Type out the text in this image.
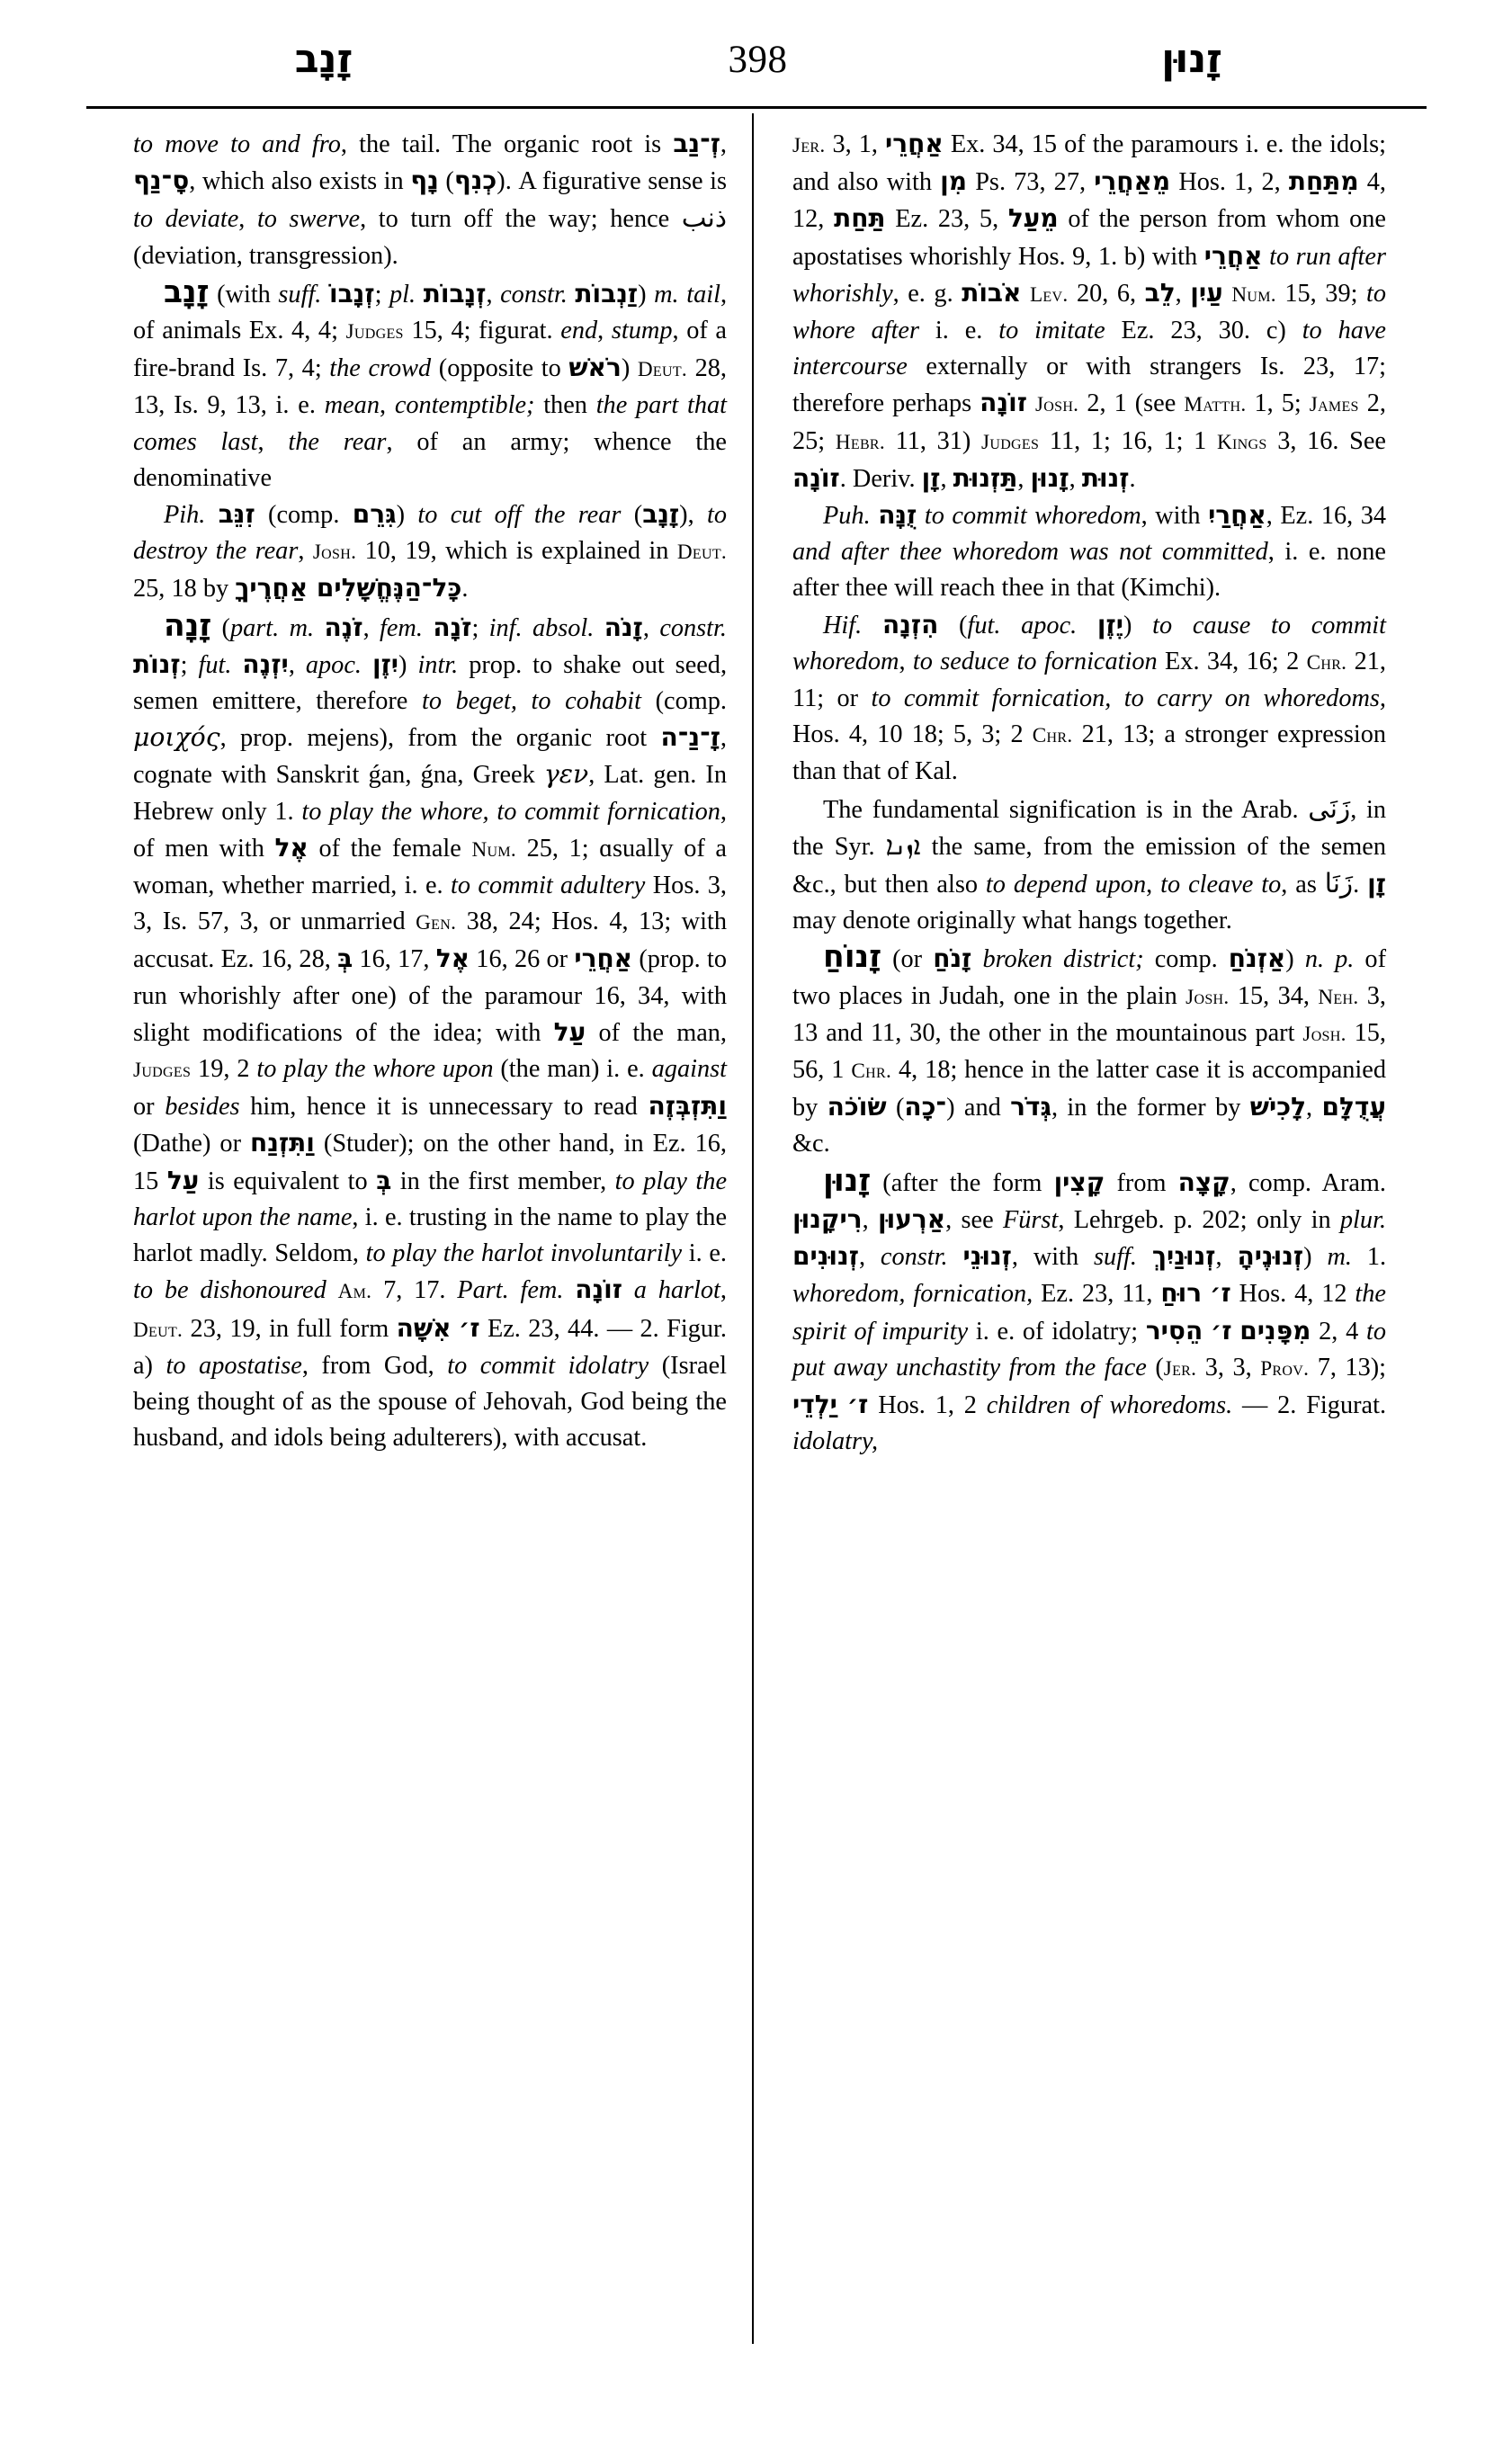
זָנָב	398	זָנוּן

to move to and fro, the tail. The organic root is זְ־נַב, סָ־נַף, which also exists in נָף (כְנִף). A figurative sense is to deviate, to swerve, to turn off the way; hence ذنب (deviation, transgression).

זָנָב (with suff. זְנָבוֹ; pl. זְנָבוֹת, constr. זַנְבוֹת) m. tail, of animals Ex. 4, 4; Judges 15, 4; figurat. end, stump, of a fire-brand Is. 7, 4; the crowd (opposite to רֹאשׁ) Deut. 28, 13, Is. 9, 13, i. e. mean, contemptible; then the part that comes last, the rear, of an army; whence the denominative

Pih. זִנֵּב (comp. גִּרֵם) to cut off the rear (זָנָב), to destroy the rear, Josh. 10, 19, which is explained in Deut. 25, 18 by כָּל־הַנֶּחֱשָׁלִים אַחֲרֶיךָ.

זָנָה (part. m. זֹנֶה, fem. זֹנָה; inf. absol. זָנֹה, constr. זְנוֹת; fut. יִזְנֶה, apoc. יִזֶן) intr. prop. to shake out seed, semen emittere, therefore to beget, to cohabit (comp. μοιχός, prop. mejens), from the organic root זָ־נַ־ה, cognate with Sanskrit ǵan, ǵna, Greek γεν, Lat. gen. In Hebrew only 1. to play the whore, to commit fornication, of men with אֶל of the female Num. 25, 1; ɑsually of a woman, whether married, i. e. to commit adultery Hos. 3, 3, Is. 57, 3, or unmarried Gen. 38, 24; Hos. 4, 13; with accusat. Ez. 16, 28, בְּ 16, 17, אֶל 16, 26 or אַחֲרֵי (prop. to run whorishly after one) of the paramour 16, 34, with slight modifications of the idea; with עַל of the man, Judges 19, 2 to play the whore upon (the man) i. e. against or besides him, hence it is unnecessary to read וַתִּזְבְּזֶה (Dathe) or וַתִּזְנַח (Studer); on the other hand, in Ez. 16, 15 עַל is equivalent to בְּ in the first member, to play the harlot upon the name, i. e. trusting in the name to play the harlot madly. Seldom, to play the harlot involuntarily i. e. to be dishonoured Am. 7, 17. Part. fem. זוֹנָה a harlot, Deut. 23, 19, in full form אִשָּׁה ז׳ Ez. 23, 44. — 2. Figur. a) to apostatise, from God, to commit idolatry (Israel being thought of as the spouse of Jehovah, God being the husband, and idols being adulterers), with accusat.

Jer. 3, 1, אַחֲרֵי Ex. 34, 15 of the paramours i. e. the idols; and also with מִן Ps. 73, 27, מֵאַחֲרֵי Hos. 1, 2, מִתַּחַת 4, 12, תַּחַת Ez. 23, 5, מֵעַל of the person from whom one apostatises whorishly Hos. 9, 1. b) with אַחֲרֵי to run after whorishly, e. g. אֹבוֹת Lev. 20, 6, לֵב, עַיִן Num. 15, 39; to whore after i. e. to imitate Ez. 23, 30. c) to have intercourse externally or with strangers Is. 23, 17; therefore perhaps זוֹנָה Josh. 2, 1 (see Matth. 1, 5; James 2, 25; Hebr. 11, 31) Judges 11, 1; 16, 1; 1 Kings 3, 16. See זוֹנָה. Deriv. זָן, תַּזְנוּת, זָנוּן, זְנוּת.

Puh. זֻנָּה to commit whoredom, with אַחֲרַיִ, Ez. 16, 34 and after thee whoredom was not committed, i. e. none after thee will reach thee in that (Kimchi).

Hif. הִזְנָה (fut. apoc. יֶזֶן) to cause to commit whoredom, to seduce to fornication Ex. 34, 16; 2 Chr. 21, 11; or to commit fornication, to carry on whoredoms, Hos. 4, 10 18; 5, 3; 2 Chr. 21, 13; a stronger expression than that of Kal.

The fundamental signification is in the Arab. زَنَى, in the Syr. ܐܙܢܐ the same, from the emission of the semen &c., but then also to depend upon, to cleave to, as زَنَا. זָן may denote originally what hangs together.

זָנוֹחַ (or זָנֹחַ broken district; comp. אַזְנֹחַ) n. p. of two places in Judah, one in the plain Josh. 15, 34, Neh. 3, 13 and 11, 30, the other in the mountainous part Josh. 15, 56, 1 Chr. 4, 18; hence in the latter case it is accompanied by שׂוֹכֹה (־כָה) and גְּדֹר, in the former by לָכִישׁ, עֲדֻלָּם &c.

זָנוּן (after the form קָצִין from קָצָה, comp. Aram. רִיקָנוּן, אַרְעוּן, see Fürst, Lehrgeb. p. 202; only in plur. זְנוּנִים, constr. זְנוּנֵי, with suff. זְנוּנַיִךְ, זְנוּנֶיהָ) m. 1. whoredom, fornication, Ez. 23, 11, רוּחַ ז׳ Hos. 4, 12 the spirit of impurity i. e. of idolatry; הֵסִיר ז׳ מִפָּנִים 2, 4 to put away unchastity from the face (Jer. 3, 3, Prov. 7, 13); יַלְדֵי ז׳ Hos. 1, 2 children of whoredoms. — 2. Figurat. idolatry,
